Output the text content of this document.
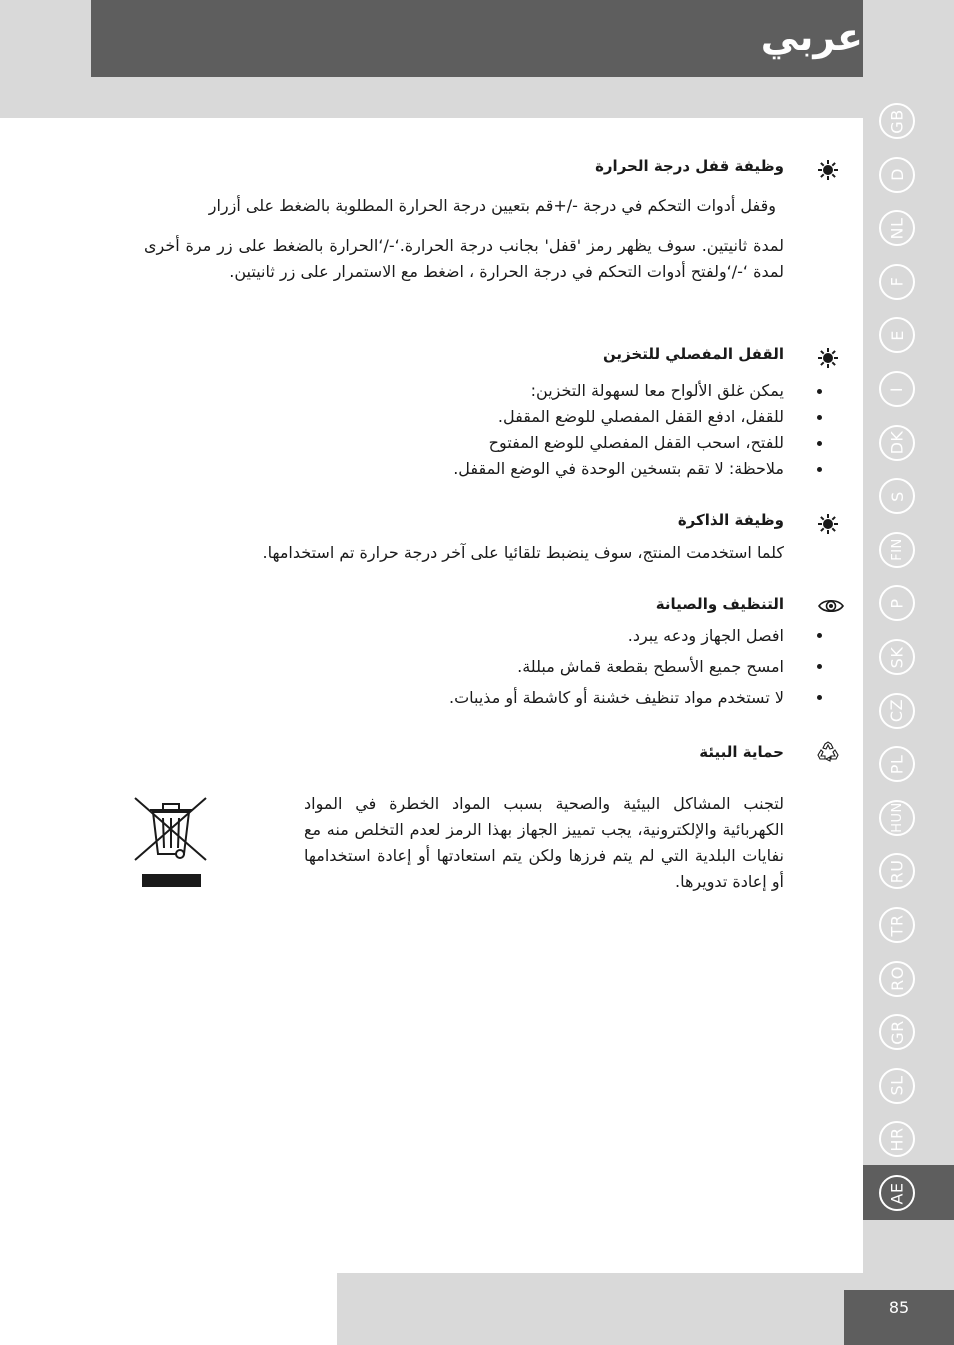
عربي
85
GB
D
NL
F
E
I
DK
S
FIN
P
SK
CZ
PL
HUN
RU
TR
RO
GR
SL
HR
AE
وظيفة قفل درجة الحرارة
وقفل أدوات التحكم في درجة -/+قم بتعيين درجة الحرارة المطلوبة بالضغط على أزرار
لمدة ثانيتين. سوف يظهر رمز 'قفل' بجانب درجة الحرارة.‘-/‘الحرارة بالضغط على زر مرة أخرى لمدة ‘-/‘ولفتح أدوات التحكم في درجة الحرارة ، اضغط مع الاستمرار على زر ثانيتين.
القفل المفصلي للتخزين
يمكن غلق الألواح معا لسهولة التخزين:
للقفل، ادفع القفل المفصلي للوضع المقفل.
للفتح، اسحب القفل المفصلي للوضع المفتوح
ملاحظة: لا تقم بتسخين الوحدة في الوضع المقفل.
وظيفة الذاكرة
كلما استخدمت المنتج، سوف ينضبط تلقائيا على آخر درجة حرارة تم استخدامها.
التنظيف والصيانة
افصل الجهاز ودعه يبرد.
امسح جميع الأسطح بقطعة قماش مبللة.
لا تستخدم مواد تنظيف خشنة أو كاشطة أو مذيبات.
حماية البيئة
لتجنب المشاكل البيئية والصحية بسبب المواد الخطرة في المواد الكهربائية والإلكترونية، يجب تمييز الجهاز بهذا الرمز لعدم التخلص منه مع نفايات البلدية التي لم يتم فرزها ولكن يتم استعادتها أو إعادة استخدامها أو إعادة تدويرها.
